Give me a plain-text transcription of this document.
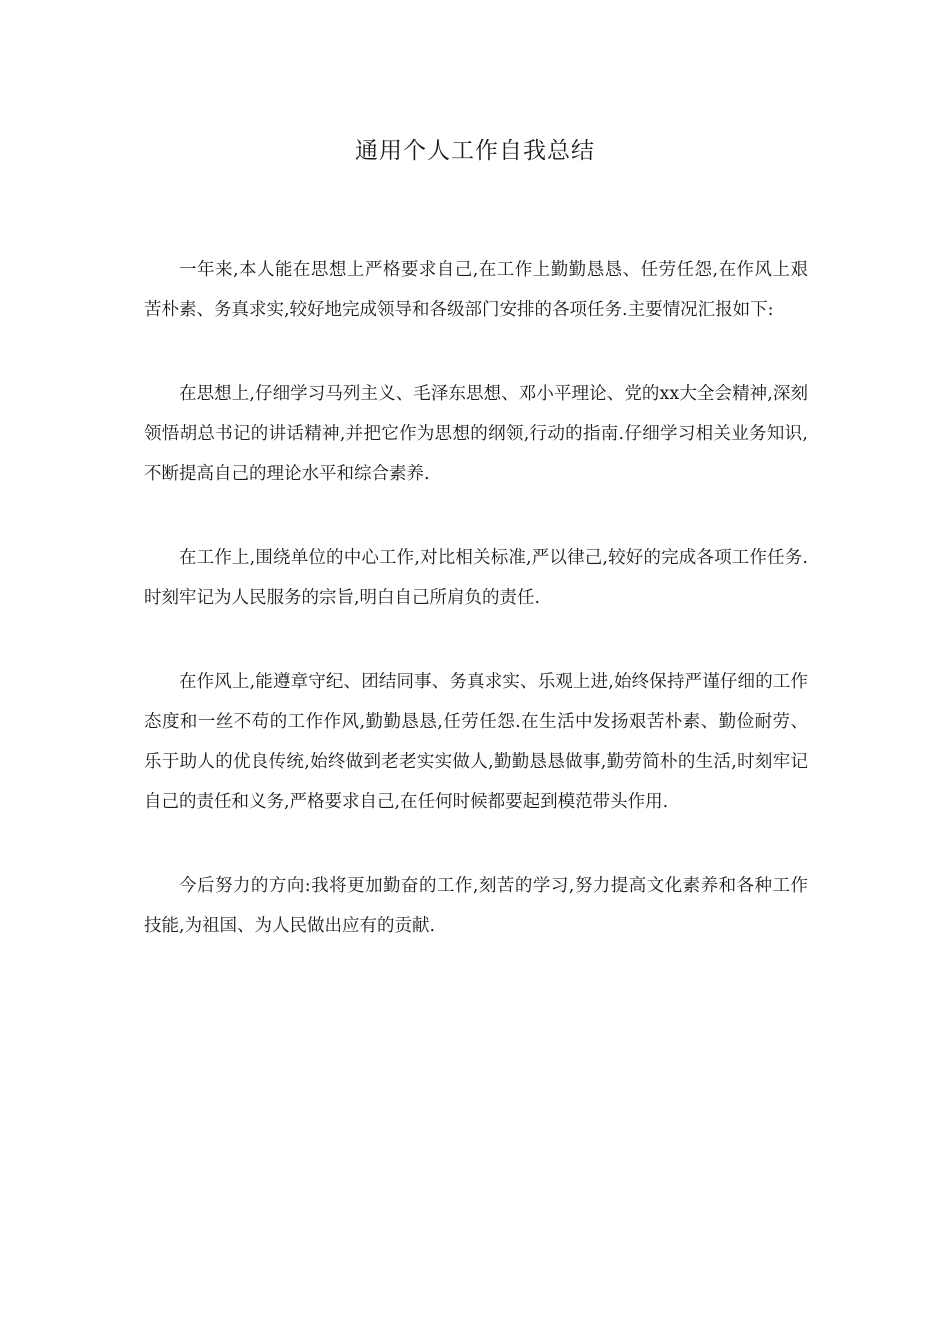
通用个人工作自我总结

一年来,本人能在思想上严格要求自己,在工作上勤勤恳恳、任劳任怨,在作风上艰苦朴素、务真求实,较好地完成领导和各级部门安排的各项任务.主要情况汇报如下:

在思想上,仔细学习马列主义、毛泽东思想、邓小平理论、党的xx大全会精神,深刻领悟胡总书记的讲话精神,并把它作为思想的纲领,行动的指南.仔细学习相关业务知识,不断提高自己的理论水平和综合素养.

在工作上,围绕单位的中心工作,对比相关标准,严以律己,较好的完成各项工作任务.时刻牢记为人民服务的宗旨,明白自己所肩负的责任.

在作风上,能遵章守纪、团结同事、务真求实、乐观上进,始终保持严谨仔细的工作态度和一丝不苟的工作作风,勤勤恳恳,任劳任怨.在生活中发扬艰苦朴素、勤俭耐劳、乐于助人的优良传统,始终做到老老实实做人,勤勤恳恳做事,勤劳简朴的生活,时刻牢记自己的责任和义务,严格要求自己,在任何时候都要起到模范带头作用.

今后努力的方向:我将更加勤奋的工作,刻苦的学习,努力提高文化素养和各种工作技能,为祖国、为人民做出应有的贡献.
